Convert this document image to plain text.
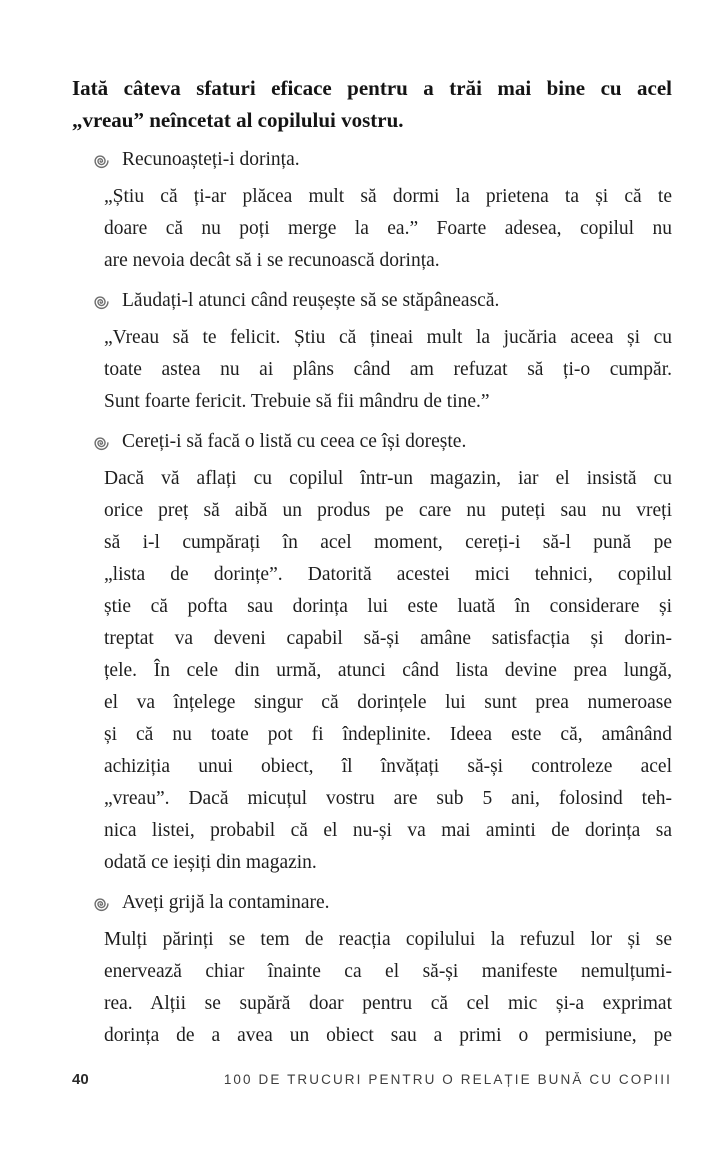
Iată câteva sfaturi eficace pentru a trăi mai bine cu acel
„vreau” neîncetat al copilului vostru.
Recunoașteți-i dorința.
„Știu că ți-ar plăcea mult să dormi la prietena ta și că te
doare că nu poți merge la ea.” Foarte adesea, copilul nu
are nevoia decât să i se recunoască dorința.
Lăudați-l atunci când reușește să se stăpânească.
„Vreau să te felicit. Știu că țineai mult la jucăria aceea și cu
toate astea nu ai plâns când am refuzat să ți-o cumpăr.
Sunt foarte fericit. Trebuie să fii mândru de tine.”
Cereți-i să facă o listă cu ceea ce își dorește.
Dacă vă aflați cu copilul într-un magazin, iar el insistă cu
orice preț să aibă un produs pe care nu puteți sau nu vreți
să i-l cumpărați în acel moment, cereți-i să-l pună pe
„lista de dorințe”. Datorită acestei mici tehnici, copilul
știe că pofta sau dorința lui este luată în considerare și
treptat va deveni capabil să-și amâne satisfacția și dorin-
țele. În cele din urmă, atunci când lista devine prea lungă,
el va înțelege singur că dorințele lui sunt prea numeroase
și că nu toate pot fi îndeplinite. Ideea este că, amânând
achiziția unui obiect, îl învățați să-și controleze acel
„vreau”. Dacă micuțul vostru are sub 5 ani, folosind teh-
nica listei, probabil că el nu-și va mai aminti de dorința sa
odată ce ieșiți din magazin.
Aveți grijă la contaminare.
Mulți părinți se tem de reacția copilului la refuzul lor și se
enervează chiar înainte ca el să-și manifeste nemulțumi-
rea. Alții se supără doar pentru că cel mic și-a exprimat
dorința de a avea un obiect sau a primi o permisiune, pe
40	100 DE TRUCURI PENTRU O RELAȚIE BUNĂ CU COPIII
